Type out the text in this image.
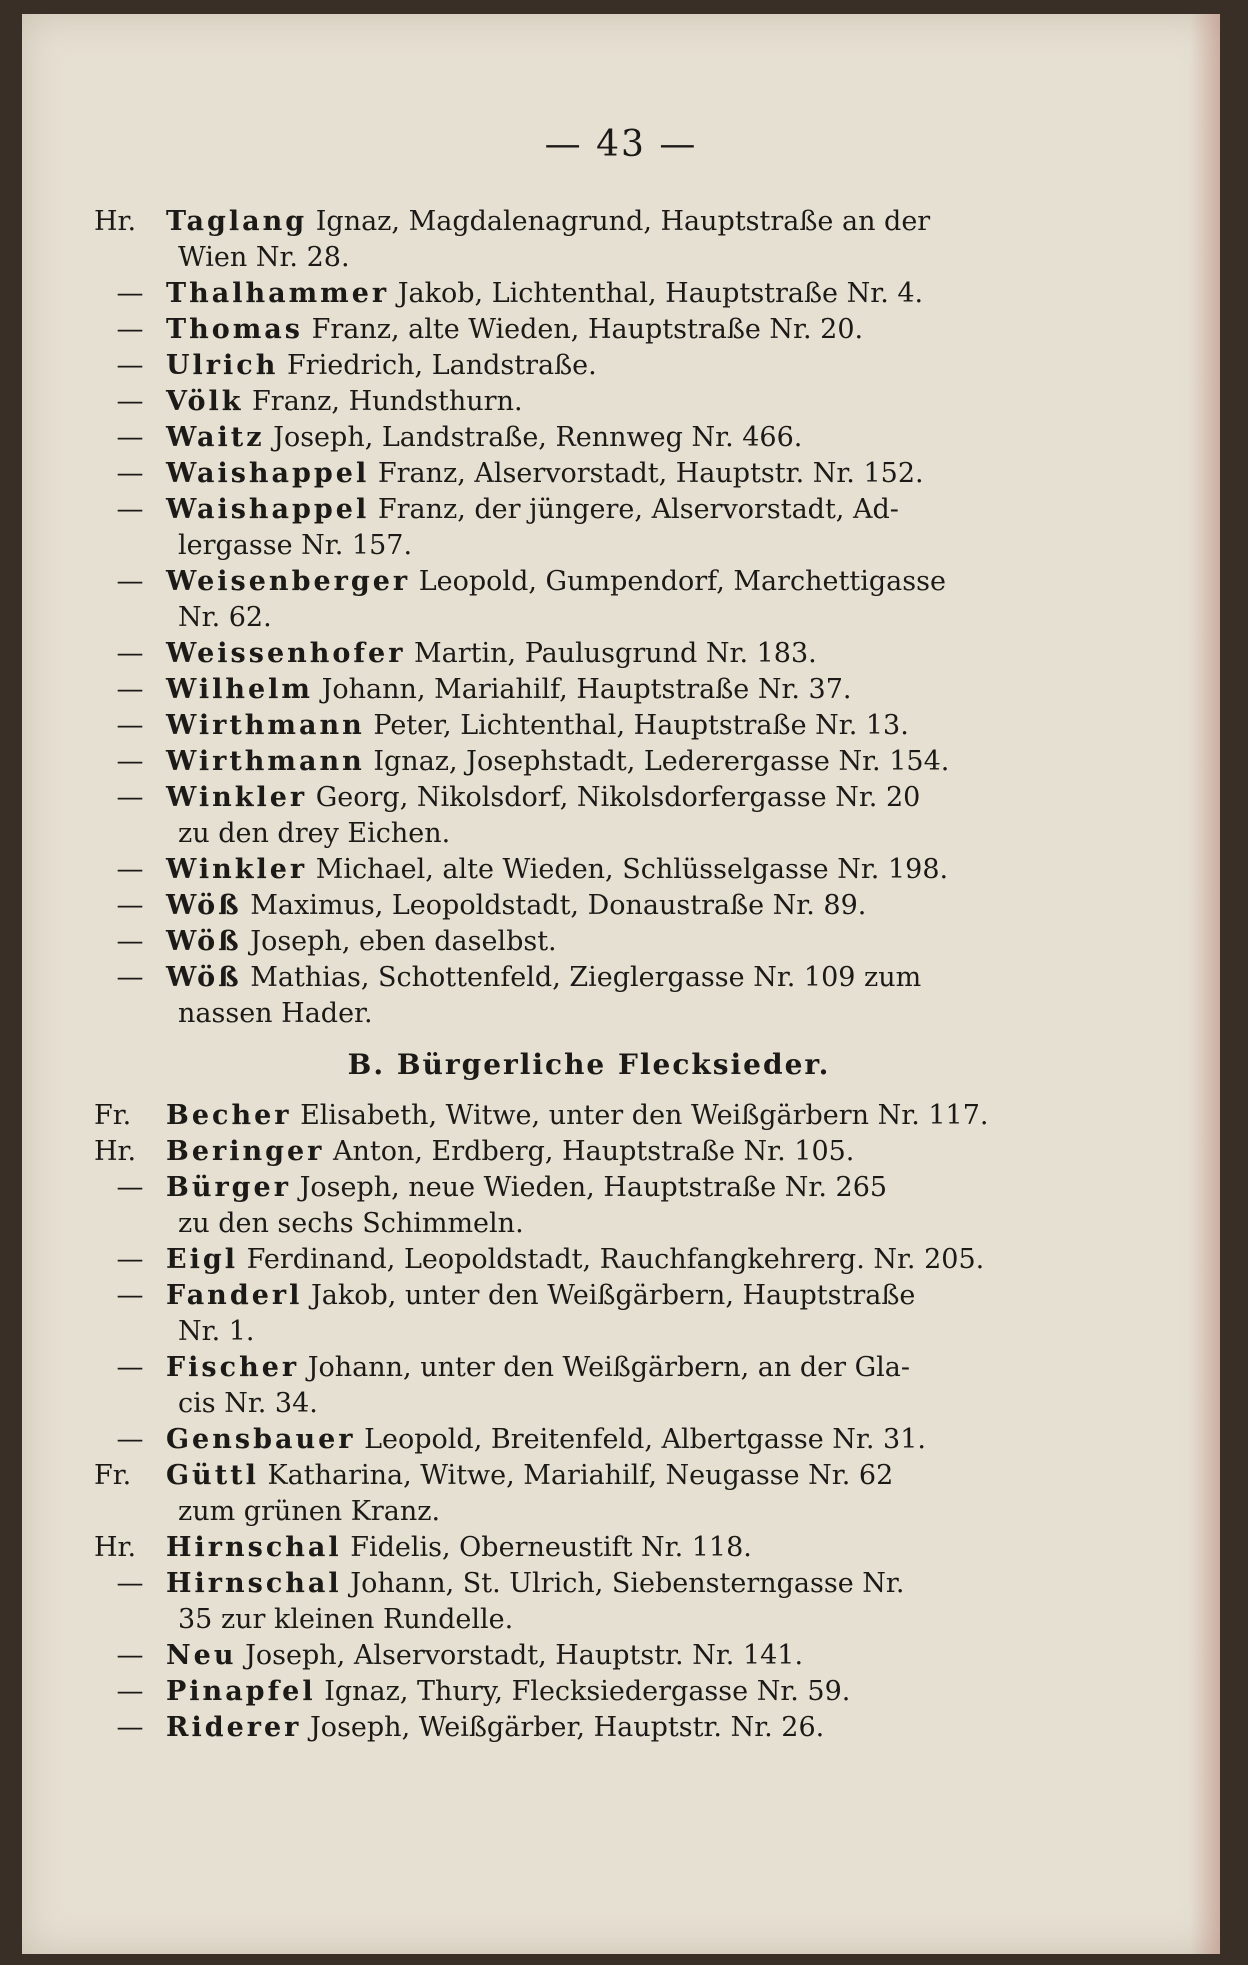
— 43 —
Hr. Taglang Ignaz, Magdalenagrund, Hauptstraße an der
Wien Nr. 28.
— Thalhammer Jakob, Lichtenthal, Hauptstraße Nr. 4.
— Thomas Franz, alte Wieden, Hauptstraße Nr. 20.
— Ulrich Friedrich, Landstraße.
— Völk Franz, Hundsthurn.
— Waitz Joseph, Landstraße, Rennweg Nr. 466.
— Waishappel Franz, Alservorstadt, Hauptstr. Nr. 152.
— Waishappel Franz, der jüngere, Alservorstadt, Ad-
lergasse Nr. 157.
— Weisenberger Leopold, Gumpendorf, Marchettigasse
Nr. 62.
— Weissenhofer Martin, Paulusgrund Nr. 183.
— Wilhelm Johann, Mariahilf, Hauptstraße Nr. 37.
— Wirthmann Peter, Lichtenthal, Hauptstraße Nr. 13.
— Wirthmann Ignaz, Josephstadt, Lederergasse Nr. 154.
— Winkler Georg, Nikolsdorf, Nikolsdorfergasse Nr. 20
zu den drey Eichen.
— Winkler Michael, alte Wieden, Schlüsselgasse Nr. 198.
— Wöß Maximus, Leopoldstadt, Donaustraße Nr. 89.
— Wöß Joseph, eben daselbst.
— Wöß Mathias, Schottenfeld, Zieglergasse Nr. 109 zum
nassen Hader.
B. Bürgerliche Flecksieder.
Fr. Becher Elisabeth, Witwe, unter den Weißgärbern Nr. 117.
Hr. Beringer Anton, Erdberg, Hauptstraße Nr. 105.
— Bürger Joseph, neue Wieden, Hauptstraße Nr. 265
zu den sechs Schimmeln.
— Eigl Ferdinand, Leopoldstadt, Rauchfangkehrerg. Nr. 205.
— Fanderl Jakob, unter den Weißgärbern, Hauptstraße
Nr. 1.
— Fischer Johann, unter den Weißgärbern, an der Gla-
cis Nr. 34.
— Gensbauer Leopold, Breitenfeld, Albertgasse Nr. 31.
Fr. Güttl Katharina, Witwe, Mariahilf, Neugasse Nr. 62
zum grünen Kranz.
Hr. Hirnschal Fidelis, Oberneustift Nr. 118.
— Hirnschal Johann, St. Ulrich, Siebensterngasse Nr.
35 zur kleinen Rundelle.
— Neu Joseph, Alservorstadt, Hauptstr. Nr. 141.
— Pinapfel Ignaz, Thury, Flecksiedergasse Nr. 59.
— Riderer Joseph, Weißgärber, Hauptstr. Nr. 26.
